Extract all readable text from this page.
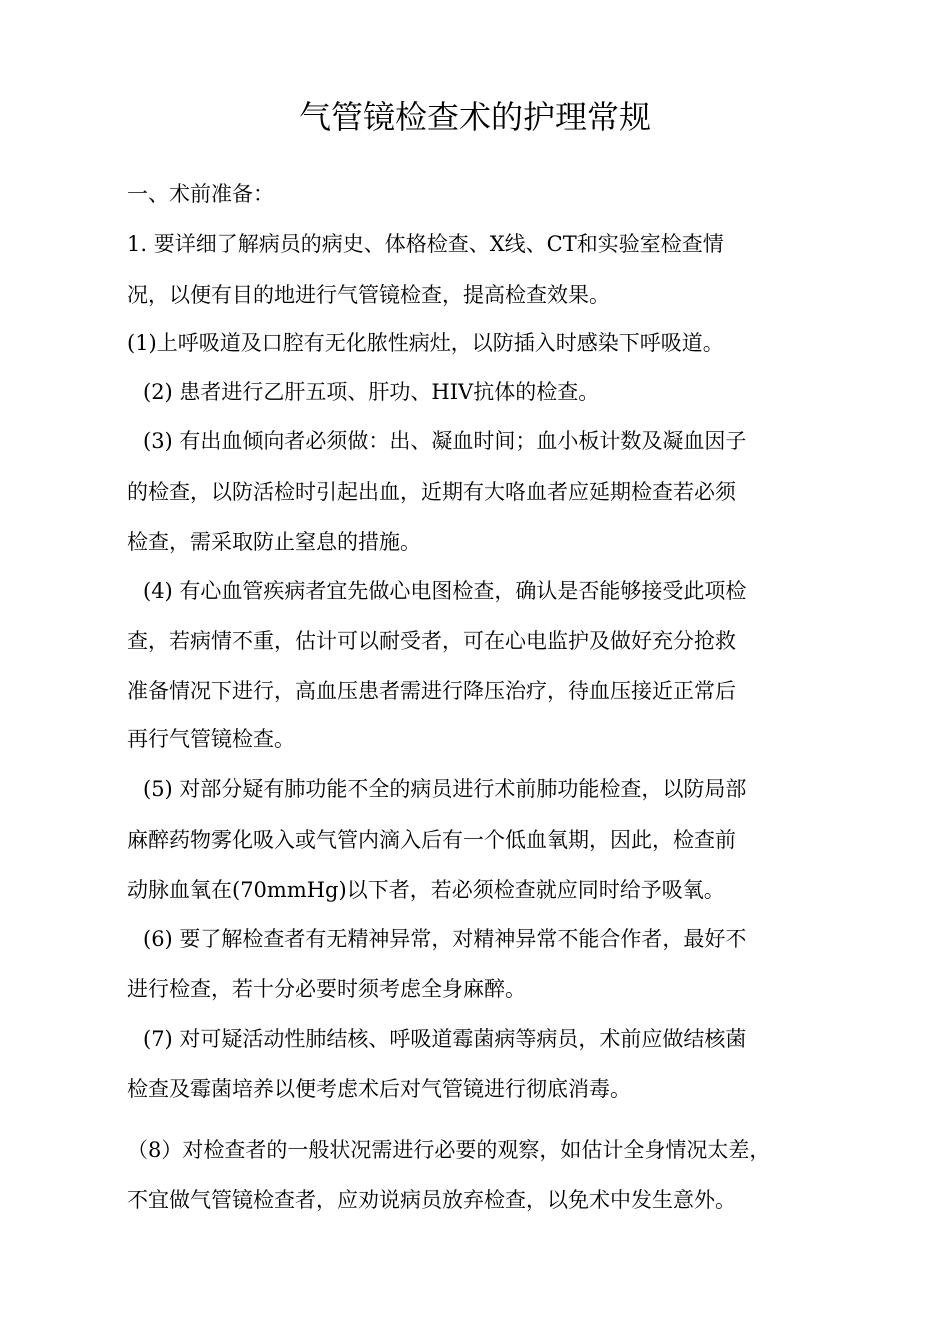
气管镜检查术的护理常规
一、术前准备：
1. 要详细了解病员的病史、体格检查、X线、CT和实验室检查情
况，以便有目的地进行气管镜检查，提高检查效果。
(1)上呼吸道及口腔有无化脓性病灶，以防插入时感染下呼吸道。
(2) 患者进行乙肝五项、肝功、HIV抗体的检查。
(3) 有出血倾向者必须做：出、凝血时间；血小板计数及凝血因子
的检查，以防活检时引起出血，近期有大咯血者应延期检查若必须
检查，需采取防止窒息的措施。
(4) 有心血管疾病者宜先做心电图检查，确认是否能够接受此项检
查，若病情不重，估计可以耐受者，可在心电监护及做好充分抢救
准备情况下进行，高血压患者需进行降压治疗，待血压接近正常后
再行气管镜检查。
(5) 对部分疑有肺功能不全的病员进行术前肺功能检查，以防局部
麻醉药物雾化吸入或气管内滴入后有一个低血氧期，因此，检查前
动脉血氧在(70mmHg)以下者，若必须检查就应同时给予吸氧。
(6) 要了解检查者有无精神异常，对精神异常不能合作者，最好不
进行检查，若十分必要时须考虑全身麻醉。
(7) 对可疑活动性肺结核、呼吸道霉菌病等病员，术前应做结核菌
检查及霉菌培养以便考虑术后对气管镜进行彻底消毒。
（8）对检查者的一般状况需进行必要的观察，如估计全身情况太差，
不宜做气管镜检查者，应劝说病员放弃检查，以免术中发生意外。
